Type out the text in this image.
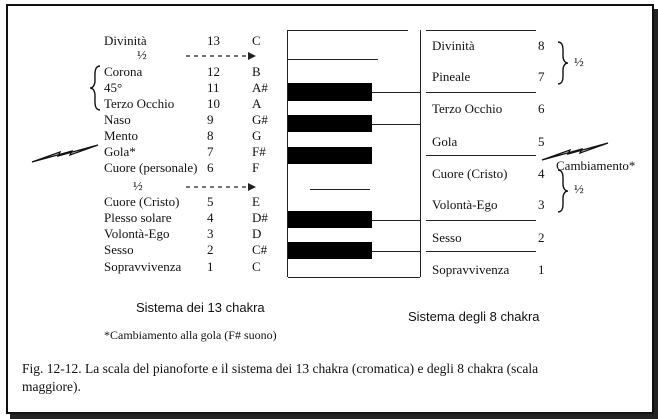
Divinità	13 C
Corona	12 B
45°	11 A#
Terzo Occhio	10 A
Naso	9	G#
Mento	8	G
Gola*	7	F#
Cuore (personale) 6	F
Cuore (Cristo) 5	E
Plesso solare	4	D#
Volontà-Ego	3	D
Sesso	2	C#
Sopravvivenza 1	C
½
½
Divinità	8
Pineale	7
Terzo Occhio	6
Gola	5
Cuore (Cristo) 4
Volontà-Ego	3
Sesso	2
Sopravvivenza 1
½
½
Cambiamento*
Sistema dei 13 chakra
Sistema degli 8 chakra
*Cambiamento alla gola (F# suono)
Fig. 12-12. La scala del pianoforte e il sistema dei 13 chakra (cromatica) e degli 8 chakra (scala
maggiore).
